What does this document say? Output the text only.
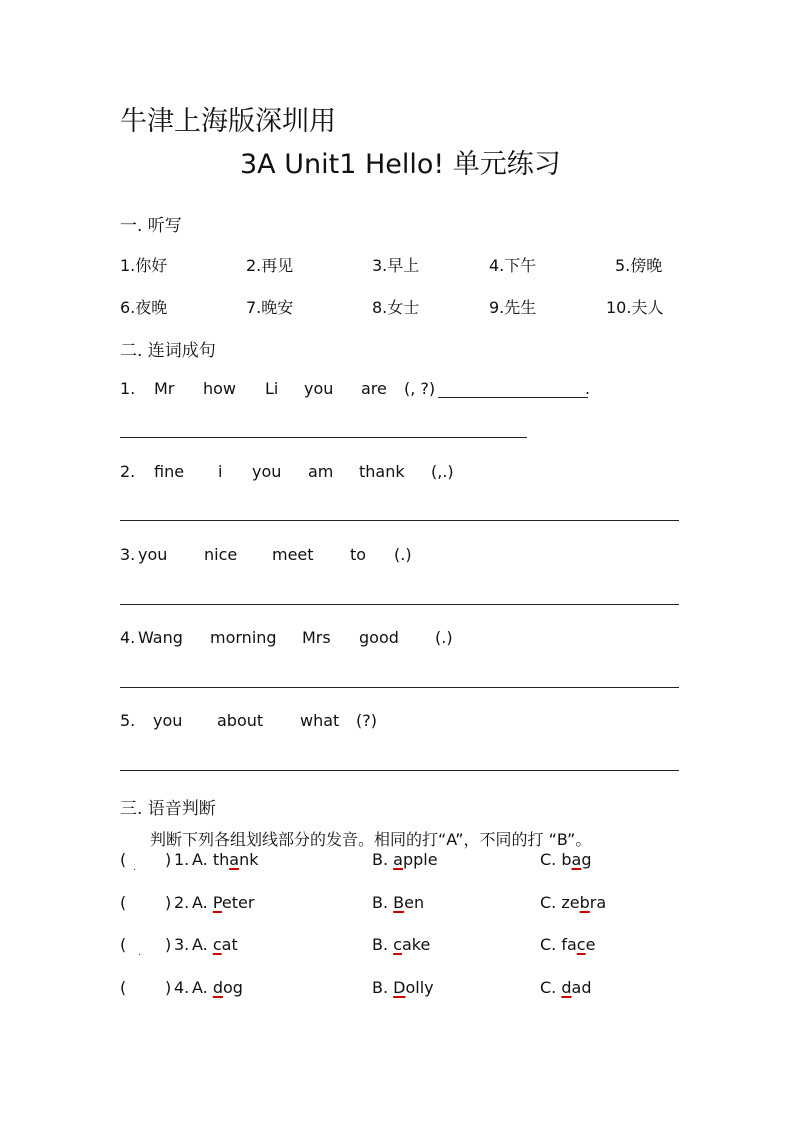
牛津上海版深圳用
3A Unit1 Hello! 单元练习
一. 听写
1.你好	2.再见	3.早上	4.下午	5.傍晚
6.夜晚	7.晚安	8.女士	9.先生	10.夫人
二. 连词成句
1. Mr how Li you are (, ?)	.
2. fine i you am thank (,.)
3. you nice meet to (.)
4. Wang morning Mrs good (.)
5. you about what (?)
三. 语音判断
判断下列各组划线部分的发音。相同的打“A”，不同的打 “B”。
( . ) 1. A. thank	B. apple	C. bag
( ) 2. A. Peter	B. Ben	C. zebra
( . ) 3. A. cat	B. cake	C. face
( ) 4. A. dog	B. Dolly	C. dad
